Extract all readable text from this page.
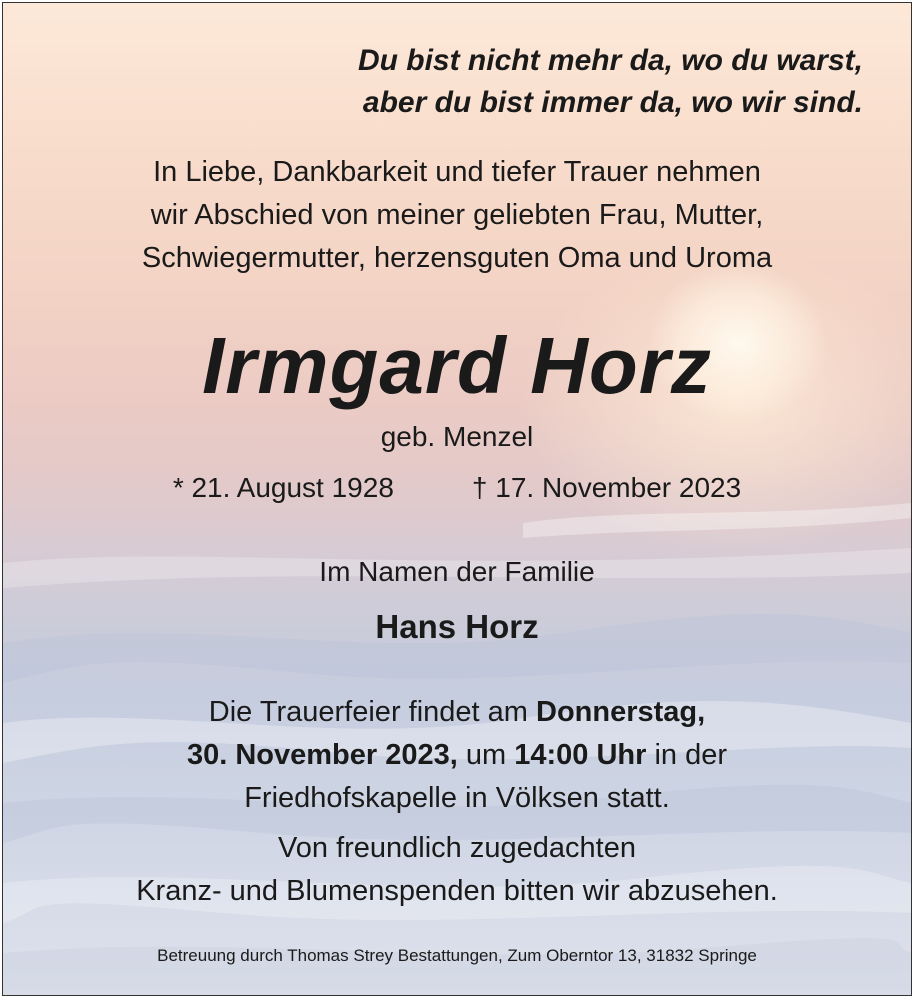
Du bist nicht mehr da, wo du warst,
aber du bist immer da, wo wir sind.
In Liebe, Dankbarkeit und tiefer Trauer nehmen
wir Abschied von meiner geliebten Frau, Mutter,
Schwiegermutter, herzensguten Oma und Uroma
Irmgard Horz
geb. Menzel
* 21. August 1928	† 17. November 2023
Im Namen der Familie
Hans Horz
Die Trauerfeier findet am Donnerstag,
30. November 2023, um 14:00 Uhr in der
Friedhofskapelle in Völksen statt.
Von freundlich zugedachten
Kranz- und Blumenspenden bitten wir abzusehen.
Betreuung durch Thomas Strey Bestattungen, Zum Oberntor 13, 31832 Springe
